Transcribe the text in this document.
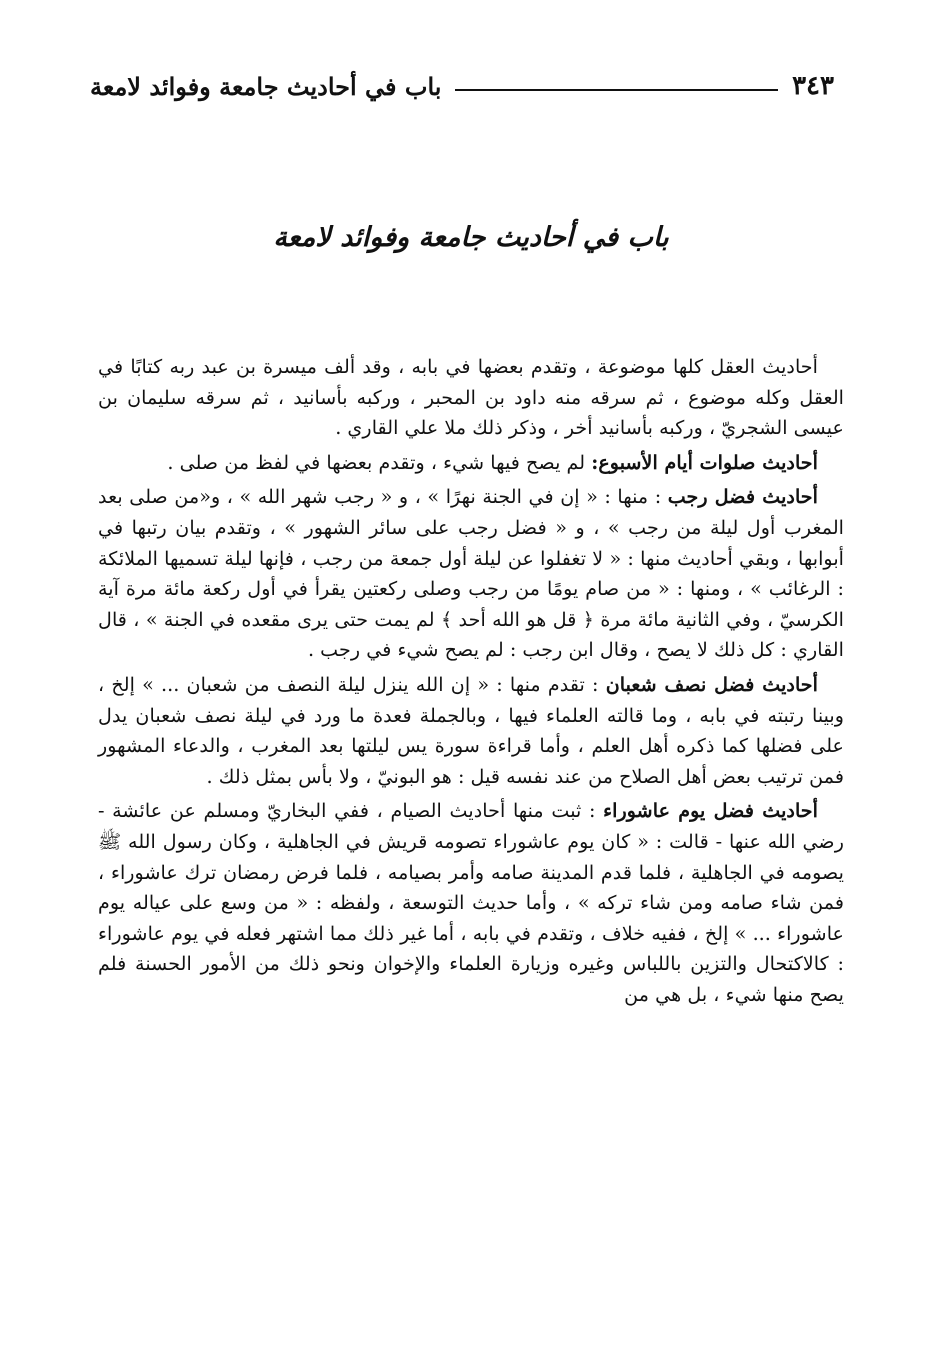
باب في أحاديث جامعة وفوائد لامعة	٣٤٣
باب في أحاديث جامعة وفوائد لامعة

أحاديث العقل كلها موضوعة ، وتقدم بعضها في بابه ، وقد ألف ميسرة بن عبد ربه كتابًا في العقل وكله موضوع ، ثم سرقه منه داود بن المحبر ، وركبه بأسانيد ، ثم سرقه سليمان بن عيسى الشجريّ ، وركبه بأسانيد أخر ، وذكر ذلك ملا علي القاري .

أحاديث صلوات أيام الأسبوع: لم يصح فيها شيء ، وتقدم بعضها في لفظ من صلى .

أحاديث فضل رجب : منها : « إن في الجنة نهرًا » ، و « رجب شهر الله » ، و«من صلى بعد المغرب أول ليلة من رجب » ، و « فضل رجب على سائر الشهور » ، وتقدم بيان رتبها في أبوابها ، وبقي أحاديث منها : « لا تغفلوا عن ليلة أول جمعة من رجب ، فإنها ليلة تسميها الملائكة : الرغائب » ، ومنها : « من صام يومًا من رجب وصلى ركعتين يقرأ في أول ركعة مائة مرة آية الكرسيّ ، وفي الثانية مائة مرة ﴿ قل هو الله أحد ﴾ لم يمت حتى يرى مقعده في الجنة » ، قال القاري : كل ذلك لا يصح ، وقال ابن رجب : لم يصح شيء في رجب .

أحاديث فضل نصف شعبان : تقدم منها : « إن الله ينزل ليلة النصف من شعبان ... » إلخ ، وبينا رتبته في بابه ، وما قالته العلماء فيها ، وبالجملة فعدة ما ورد في ليلة نصف شعبان يدل على فضلها كما ذكره أهل العلم ، وأما قراءة سورة يس ليلتها بعد المغرب ، والدعاء المشهور فمن ترتيب بعض أهل الصلاح من عند نفسه قيل : هو البونيّ ، ولا بأس بمثل ذلك .

أحاديث فضل يوم عاشوراء : ثبت منها أحاديث الصيام ، ففي البخاريّ ومسلم عن عائشة - رضي الله عنها - قالت : « كان يوم عاشوراء تصومه قريش في الجاهلية ، وكان رسول الله ﷺ يصومه في الجاهلية ، فلما قدم المدينة صامه وأمر بصيامه ، فلما فرض رمضان ترك عاشوراء ، فمن شاء صامه ومن شاء تركه » ، وأما حديث التوسعة ، ولفظه : « من وسع على عياله يوم عاشوراء ... » إلخ ، ففيه خلاف ، وتقدم في بابه ، أما غير ذلك مما اشتهر فعله في يوم عاشوراء : كالاكتحال والتزين باللباس وغيره وزيارة العلماء والإخوان ونحو ذلك من الأمور الحسنة فلم يصح منها شيء ، بل هي من
